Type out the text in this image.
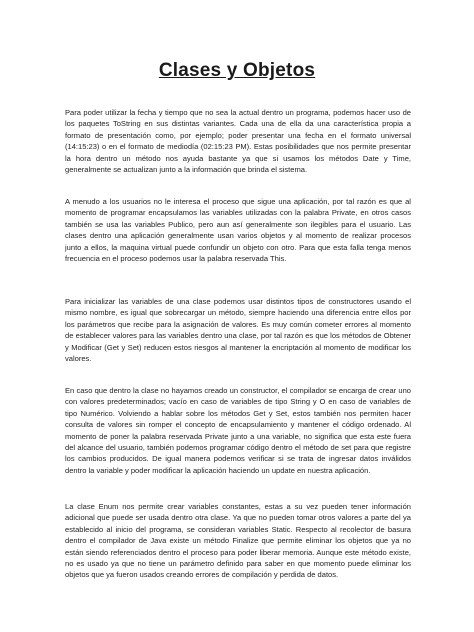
Clases y Objetos

Para poder utilizar la fecha y tiempo que no sea la actual dentro un programa, podemos hacer uso de los paquetes ToString en sus distintas variantes. Cada una de ella da una característica propia a formato de presentación como, por ejemplo; poder presentar una fecha en el formato universal (14:15:23) o en el formato de mediodía (02:15:23 PM). Estas posibilidades que nos permite presentar la hora dentro un método nos ayuda bastante ya que si usamos los métodos Date y Time, generalmente se actualizan junto a la información que brinda el sistema.

A menudo a los usuarios no le interesa el proceso que sigue una aplicación, por tal razón es que al momento de programar encapsulamos las variables utilizadas con la palabra Private, en otros casos también se usa las variables Publico, pero aun así generalmente son ilegibles para el usuario. Las clases dentro una aplicación generalmente usan varios objetos y al momento de realizar procesos junto a ellos, la maquina virtual puede confundir un objeto con otro. Para que esta falla tenga menos frecuencia en el proceso podemos usar la palabra reservada This.

Para inicializar las variables de una clase podemos usar distintos tipos de constructores usando el mismo nombre, es igual que sobrecargar un método, siempre haciendo una diferencia entre ellos por los parámetros que recibe para la asignación de valores. Es muy común cometer errores al momento de establecer valores para las variables dentro una clase, por tal razón es que los métodos de Obtener y Modificar (Get y Set) reducen estos riesgos al mantener la encriptación al momento de modificar los valores.

En caso que dentro la clase no hayamos creado un constructor, el compilador se encarga de crear uno con valores predeterminados; vacío en caso de variables de tipo String y O en caso de variables de tipo Numérico. Volviendo a hablar sobre los métodos Get y Set, estos también nos permiten hacer consulta de valores sin romper el concepto de encapsulamiento y mantener el código ordenado. Al momento de poner la palabra reservada Private junto a una variable, no significa que esta este fuera del alcance del usuario, también podemos programar código dentro el método de set para que registre los cambios producidos. De igual manera podemos verificar si se trata de ingresar datos inválidos dentro la variable y poder modificar la aplicación haciendo un update en nuestra aplicación.

La clase Enum nos permite crear variables constantes, estas a su vez pueden tener información adicional que puede ser usada dentro otra clase. Ya que no pueden tomar otros valores a parte del ya establecido al inicio del programa, se consideran variables Static. Respecto al recolector de basura dentro el compilador de Java existe un método Finalize que permite eliminar los objetos que ya no están siendo referenciados dentro el proceso para poder liberar memoria. Aunque este método existe, no es usado ya que no tiene un parámetro definido para saber en que momento puede eliminar los objetos que ya fueron usados creando errores de compilación y perdida de datos.
